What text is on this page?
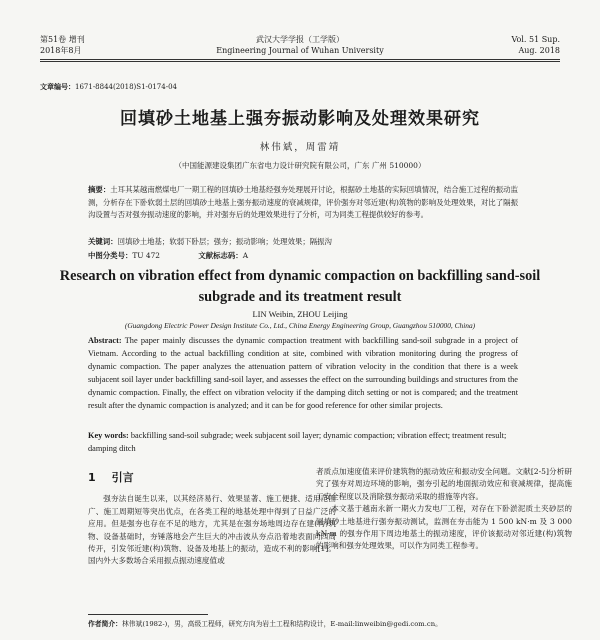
第51卷 增刊
2018年8月
武汉大学学报（工学版）
Engineering Journal of Wuhan University
Vol. 51 Sup.
Aug. 2018
文章编号：1671-8844(2018)S1-0174-04
回填砂土地基上强夯振动影响及处理效果研究
林伟斌，周雷靖
（中国能源建设集团广东省电力设计研究院有限公司，广东 广州 510000）
摘要：土耳其某越南燃煤电厂一期工程的回填砂土地基经强夯处理展开讨论，根据砂土地基的实际回填情况，结合施工过程的振动监测，分析存在下卧软弱土层的回填砂土地基上强夯振动速度的衰减规律，评价强夯对邻近建(构)筑物的影响及处理效果，对比了隔振沟设置与否对强夯振动速度的影响，并对强夯后的处理效果进行了分析，可为同类工程提供较好的参考。
关键词：回填砂土地基；软弱下卧层；强夯；振动影响；处理效果；隔振沟
中图分类号：TU 472	文献标志码：A
Research on vibration effect from dynamic compaction on backfilling sand-soil subgrade and its treatment result
LIN Weibin, ZHOU Leijing
(Guangdong Electric Power Design Institute Co., Ltd., China Energy Engineering Group, Guangzhou 510000, China)
Abstract: The paper mainly discusses the dynamic compaction treatment with backfilling sand-soil subgrade in a project of Vietnam. According to the actual backfilling condition at site, combined with vibration monitoring during the progress of dynamic compaction. The paper analyzes the attenuation pattern of vibration velocity in the condition that there is a week subjacent soil layer under backfilling sand-soil layer, and assesses the effect on the surrounding buildings and structures from the dynamic compaction. Finally, the effect on vibration velocity if the damping ditch setting or not is compared; and the treatment result after the dynamic compaction is analyzed; and it can be for good reference for other similar projects.
Key words: backfilling sand-soil subgrade; week subjacent soil layer; dynamic compaction; vibration effect; treatment result; damping ditch
1 引言

强夯法自诞生以来，以其经济易行、效果显著、施工便捷、适用范围广、施工周期短等突出优点，在各类工程的地基处理中得到了日益广泛的应用。但是强夯也存在不足的地方，尤其是在强夯场地周边存在建(构)筑物、设备基础时，夯锤落地会产生巨大的冲击波从夯点沿着地表面向四周传开，引发邻近建(构)筑物、设备及地基上的振动，造成不利的影响[1]。国内外大多数场合采用振点振动速度值或

者质点加速度值来评价建筑物的振动效应和振动安全问题。文献[2-5]分析研究了强夯对周边环境的影响，强夯引起的地面振动效应和衰减规律，提高施工安全程度以及消除强夯振动采取的措施等内容。

本文基于越南永新一期火力发电厂工程，对存在下卧淤泥质土夹砂层的回填砂土地基进行强夯振动测试，监测在夯击能为 1 500 kN·m 及 3 000 kN·m 的强夯作用下周边地基土的振动速度，评价该振动对邻近建(构)筑物的影响和强夯处理效果，可以作为同类工程参考。

作者简介：林伟斌(1982-)，男，高级工程师，研究方向为岩土工程和结构设计，E-mail:linweibin@gedi.com.cn。
